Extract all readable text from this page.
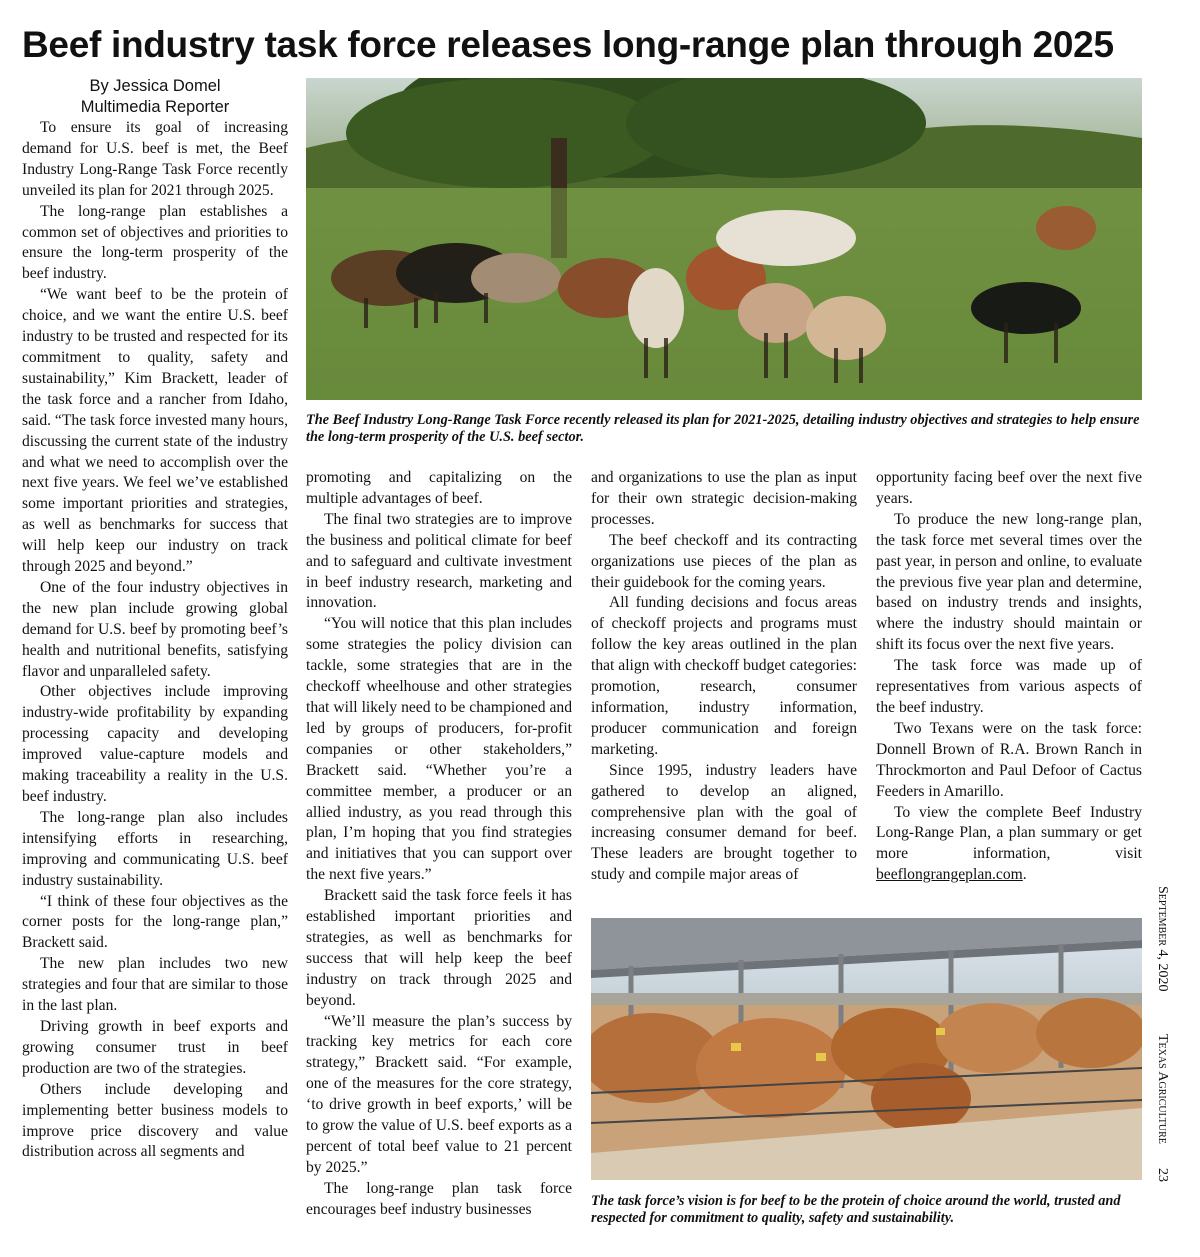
Beef industry task force releases long-range plan through 2025
By Jessica Domel
Multimedia Reporter

The Beef Industry Long-Range Task Force recently released its plan for 2021-2025, detailing industry objectives and strategies to help ensure the long-term prosperity of the U.S. beef sector.

To ensure its goal of increasing demand for U.S. beef is met, the Beef Industry Long-Range Task Force recently unveiled its plan for 2021 through 2025.

The long-range plan establishes a common set of objectives and priorities to ensure the long-term prosperity of the beef industry.

“We want beef to be the protein of choice, and we want the entire U.S. beef industry to be trusted and respected for its commitment to quality, safety and sustainability,” Kim Brackett, leader of the task force and a rancher from Idaho, said. “The task force invested many hours, discussing the current state of the industry and what we need to accomplish over the next five years. We feel we’ve established some important priorities and strategies, as well as benchmarks for success that will help keep our industry on track through 2025 and beyond.”

One of the four industry objectives in the new plan include growing global demand for U.S. beef by promoting beef’s health and nutritional benefits, satisfying flavor and unparalleled safety.

Other objectives include improving industry-wide profitability by expanding processing capacity and developing improved value-capture models and making traceability a reality in the U.S. beef industry.

The long-range plan also includes intensifying efforts in researching, improving and communicating U.S. beef industry sustainability.

“I think of these four objectives as the corner posts for the long-range plan,” Brackett said.

The new plan includes two new strategies and four that are similar to those in the last plan.

Driving growth in beef exports and growing consumer trust in beef production are two of the strategies.

Others include developing and implementing better business models to improve price discovery and value distribution across all segments and

promoting and capitalizing on the multiple advantages of beef.

The final two strategies are to improve the business and political climate for beef and to safeguard and cultivate investment in beef industry research, marketing and innovation.

“You will notice that this plan includes some strategies the policy division can tackle, some strategies that are in the checkoff wheelhouse and other strategies that will likely need to be championed and led by groups of producers, for-profit companies or other stakeholders,” Brackett said. “Whether you’re a committee member, a producer or an allied industry, as you read through this plan, I’m hoping that you find strategies and initiatives that you can support over the next five years.”

Brackett said the task force feels it has established important priorities and strategies, as well as benchmarks for success that will help keep the beef industry on track through 2025 and beyond.

“We’ll measure the plan’s success by tracking key metrics for each core strategy,” Brackett said. “For example, one of the measures for the core strategy, ‘to drive growth in beef exports,’ will be to grow the value of U.S. beef exports as a percent of total beef value to 21 percent by 2025.”

The long-range plan task force encourages beef industry businesses

and organizations to use the plan as input for their own strategic decision-making processes.

The beef checkoff and its contracting organizations use pieces of the plan as their guidebook for the coming years.

All funding decisions and focus areas of checkoff projects and programs must follow the key areas outlined in the plan that align with checkoff budget categories: promotion, research, consumer information, industry information, producer communication and foreign marketing.

Since 1995, industry leaders have gathered to develop an aligned, comprehensive plan with the goal of increasing consumer demand for beef. These leaders are brought together to study and compile major areas of

opportunity facing beef over the next five years.

To produce the new long-range plan, the task force met several times over the past year, in person and online, to evaluate the previous five year plan and determine, based on industry trends and insights, where the industry should maintain or shift its focus over the next five years.

The task force was made up of representatives from various aspects of the beef industry.

Two Texans were on the task force: Donnell Brown of R.A. Brown Ranch in Throckmorton and Paul Defoor of Cactus Feeders in Amarillo.

To view the complete Beef Industry Long-Range Plan, a plan summary or get more information, visit beeflongrangeplan.com.

The task force’s vision is for beef to be the protein of choice around the world, trusted and respected for commitment to quality, safety and sustainability.

September 4, 2020            Texas Agriculture       23
